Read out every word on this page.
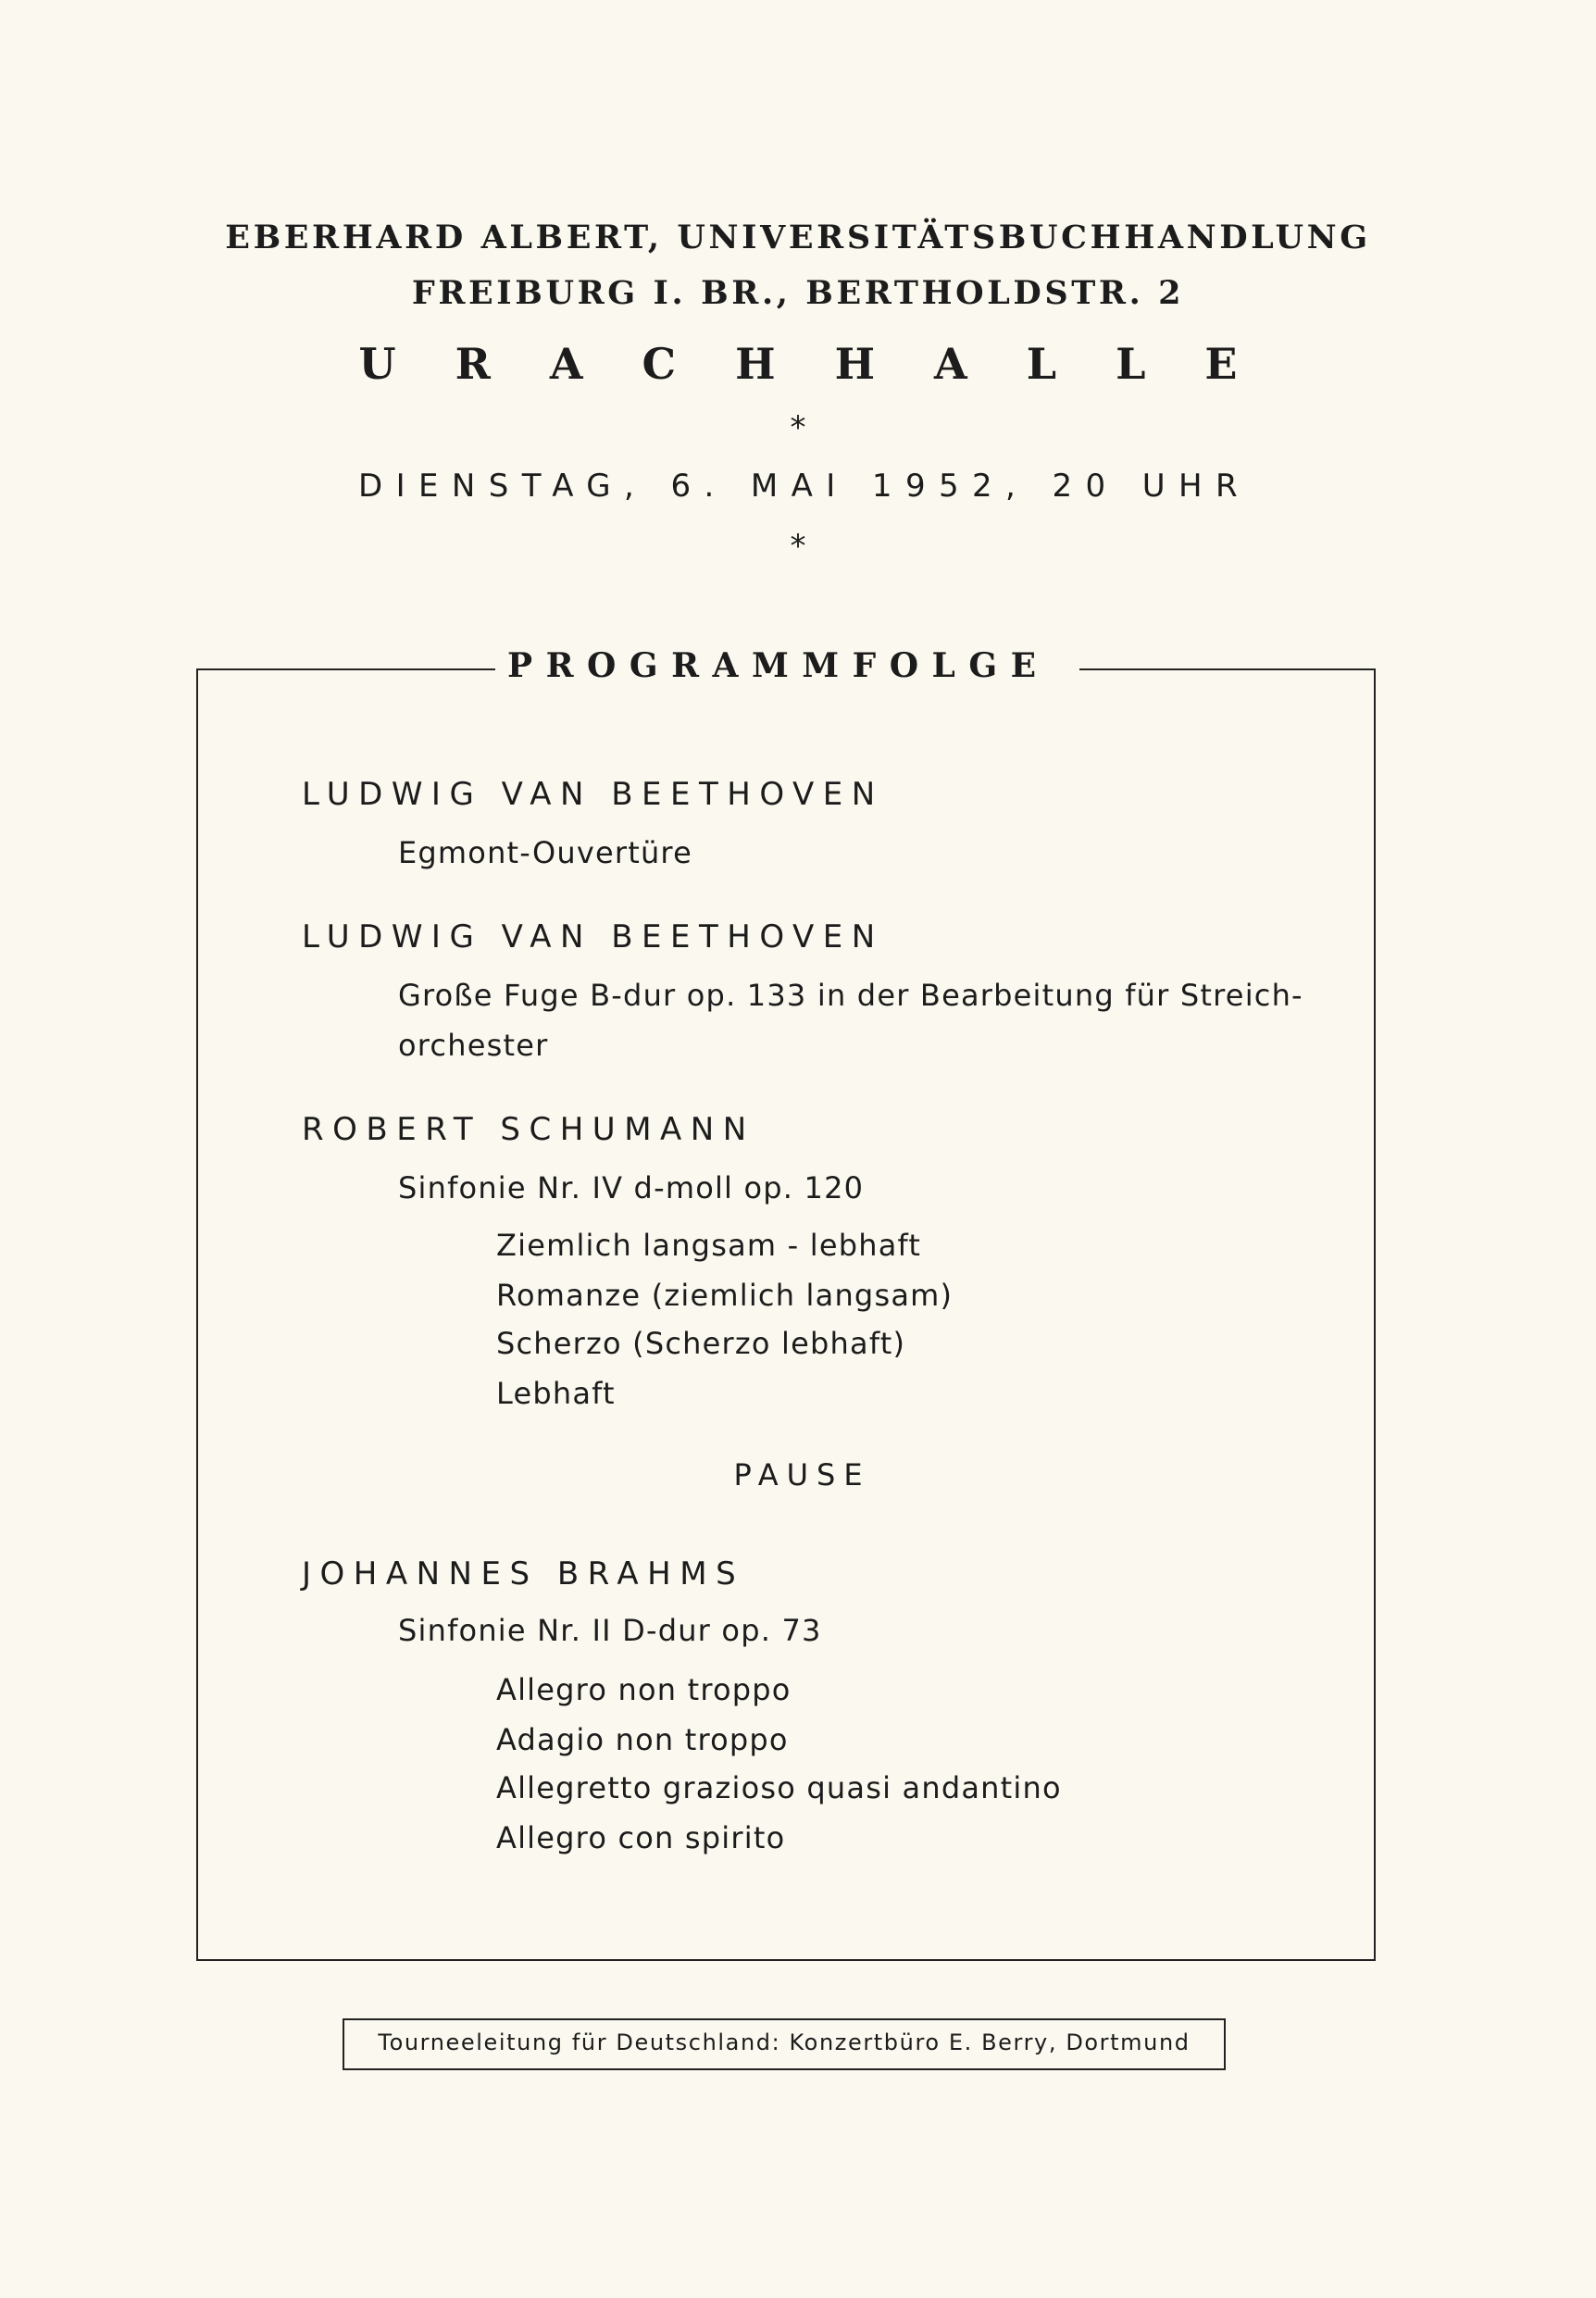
EBERHARD ALBERT, UNIVERSITÄTSBUCHHANDLUNG
FREIBURG I. BR., BERTHOLDSTR. 2
URACHHALLE
*
DIENSTAG, 6. MAI 1952, 20 UHR
*
PROGRAMMFOLGE
LUDWIG VAN BEETHOVEN
Egmont-Ouvertüre
LUDWIG VAN BEETHOVEN
Große Fuge B-dur op. 133 in der Bearbeitung für Streich-
orchester
ROBERT SCHUMANN
Sinfonie Nr. IV d-moll op. 120
Ziemlich langsam - lebhaft
Romanze (ziemlich langsam)
Scherzo (Scherzo lebhaft)
Lebhaft
PAUSE
JOHANNES BRAHMS
Sinfonie Nr. II D-dur op. 73
Allegro non troppo
Adagio non troppo
Allegretto grazioso quasi andantino
Allegro con spirito
Tourneeleitung für Deutschland: Konzertbüro E. Berry, Dortmund
